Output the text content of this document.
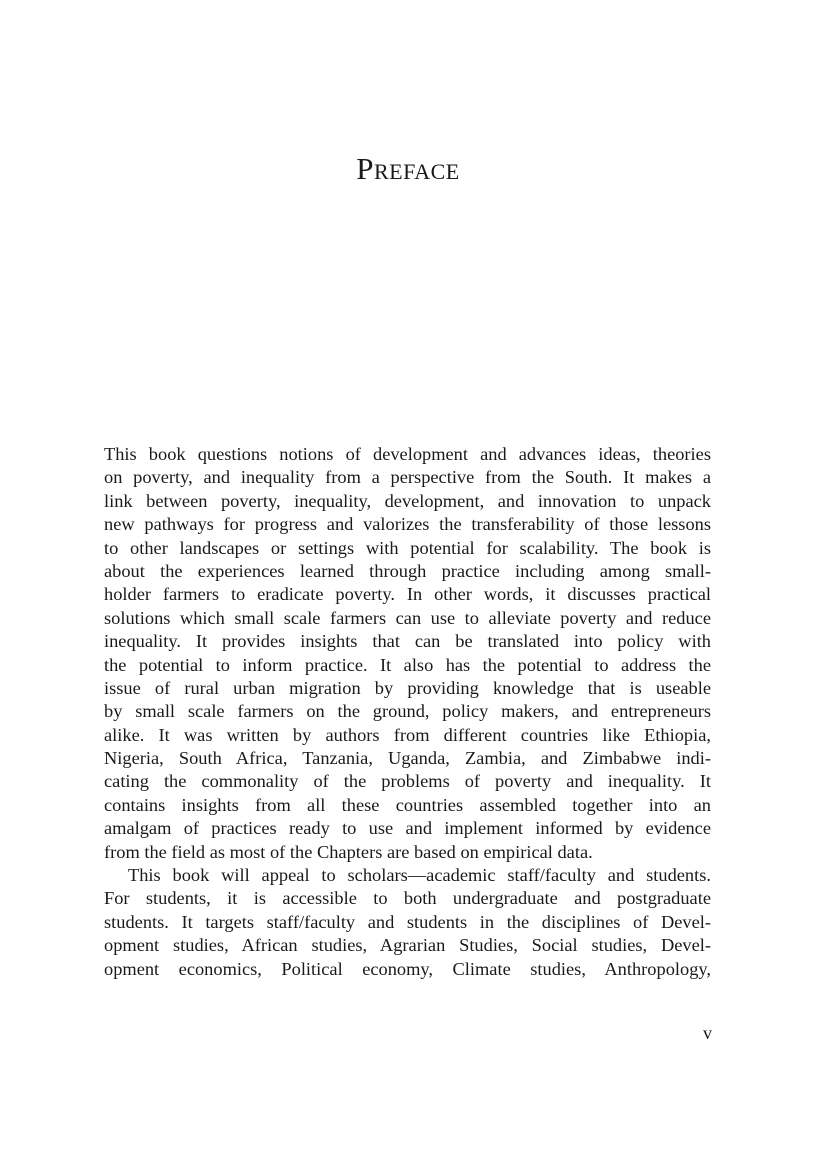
Preface
This book questions notions of development and advances ideas, theories
on poverty, and inequality from a perspective from the South. It makes a
link between poverty, inequality, development, and innovation to unpack
new pathways for progress and valorizes the transferability of those lessons
to other landscapes or settings with potential for scalability. The book is
about the experiences learned through practice including among small-
holder farmers to eradicate poverty. In other words, it discusses practical
solutions which small scale farmers can use to alleviate poverty and reduce
inequality. It provides insights that can be translated into policy with
the potential to inform practice. It also has the potential to address the
issue of rural urban migration by providing knowledge that is useable
by small scale farmers on the ground, policy makers, and entrepreneurs
alike. It was written by authors from different countries like Ethiopia,
Nigeria, South Africa, Tanzania, Uganda, Zambia, and Zimbabwe indi-
cating the commonality of the problems of poverty and inequality. It
contains insights from all these countries assembled together into an
amalgam of practices ready to use and implement informed by evidence
from the field as most of the Chapters are based on empirical data.
This book will appeal to scholars—academic staff/faculty and students.
For students, it is accessible to both undergraduate and postgraduate
students. It targets staff/faculty and students in the disciplines of Devel-
opment studies, African studies, Agrarian Studies, Social studies, Devel-
opment economics, Political economy, Climate studies, Anthropology,
v
